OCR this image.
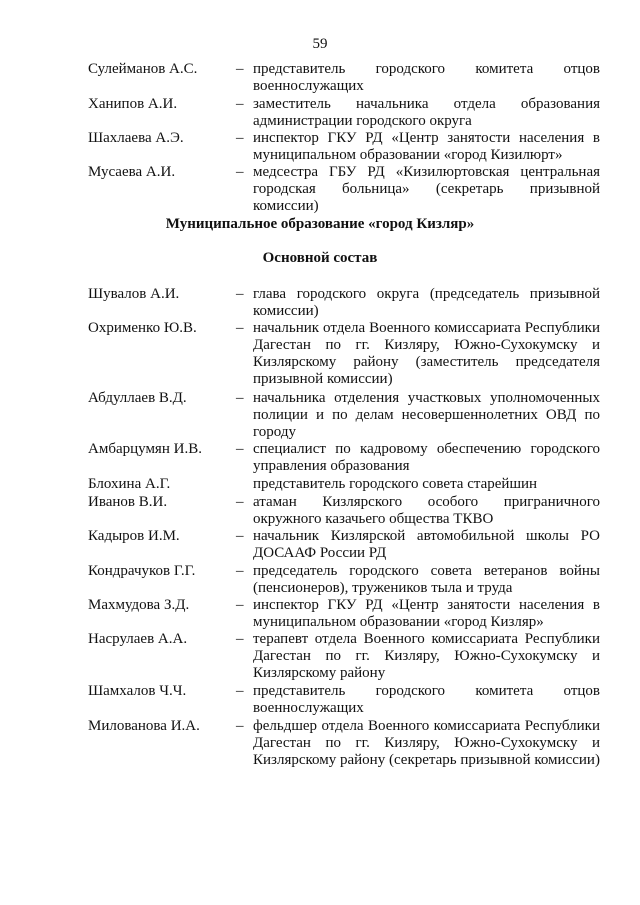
59
Сулейманов А.С.	– представитель городского комитета отцов военнослужащих
Ханипов А.И.	– заместитель начальника отдела образования администрации городского округа
Шахлаева А.Э.	– инспектор ГКУ РД «Центр занятости населения в муниципальном образовании «город Кизилюрт»
Мусаева А.И.	– медсестра ГБУ РД «Кизилюртовская центральная городская больница» (секретарь призывной комиссии)
Муниципальное образование «город Кизляр»
Основной состав
Шувалов А.И.	– глава городского округа (председатель призывной комиссии)
Охрименко Ю.В.	– начальник отдела Военного комиссариата Республики Дагестан по гг. Кизляру, Южно-Сухокумску и Кизлярскому району (заместитель председателя призывной комиссии)
Абдуллаев В.Д.	– начальника отделения участковых уполномоченных полиции и по делам несовершеннолетних ОВД по городу
Амбарцумян И.В. – специалист по кадровому обеспечению городского управления образования
Блохина А.Г.	представитель городского совета старейшин
Иванов В.И.	– атаман Кизлярского особого приграничного окружного казачьего общества ТКВО
Кадыров И.М.	– начальник Кизлярской автомобильной школы РО ДОСААФ России РД
Кондрачуков Г.Г.	– председатель городского совета ветеранов войны (пенсионеров), тружеников тыла и труда
Махмудова З.Д.	– инспектор ГКУ РД «Центр занятости населения в муниципальном образовании «город Кизляр»
Насрулаев А.А.	– терапевт отдела Военного комиссариата Республики Дагестан по гг. Кизляру, Южно-Сухокумску и Кизлярскому району
Шамхалов Ч.Ч.	– представитель городского комитета отцов военнослужащих
Милованова И.А. – фельдшер отдела Военного комиссариата Республики Дагестан по гг. Кизляру, Южно-Сухокумску и Кизлярскому району (секретарь призывной комиссии)
